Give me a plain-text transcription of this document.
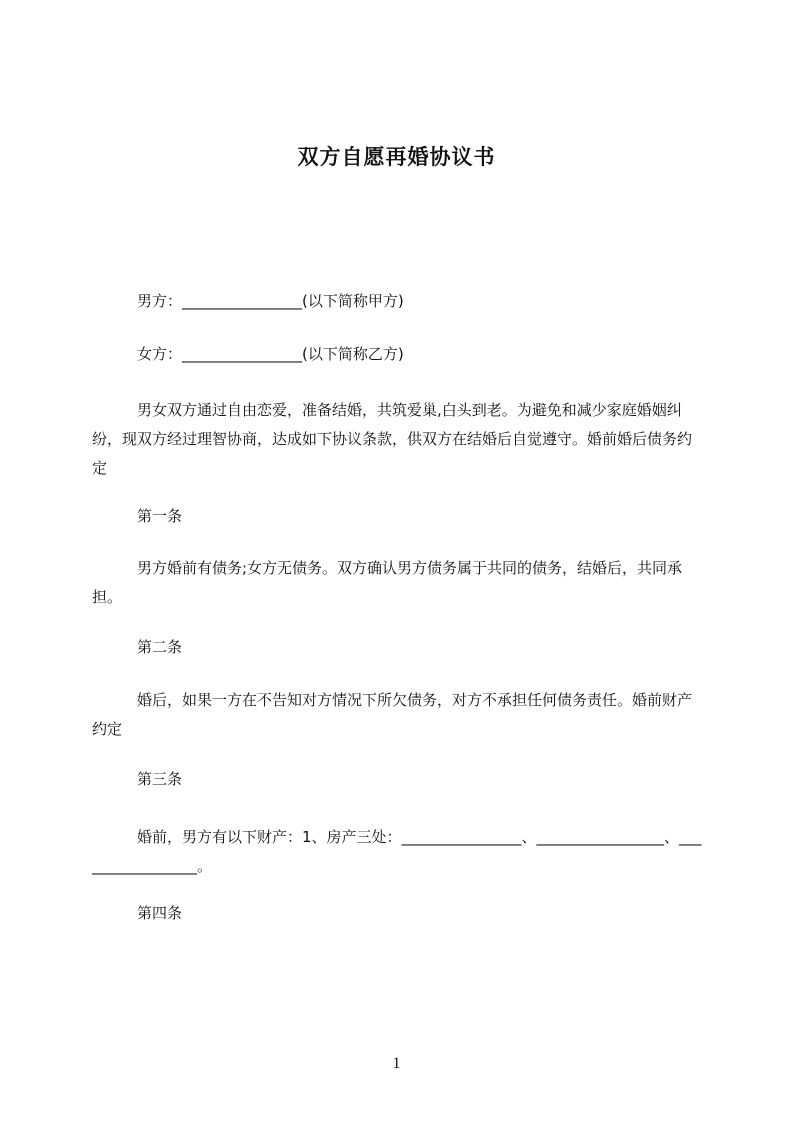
双方自愿再婚协议书
男方：________________(以下简称甲方)
女方：________________(以下简称乙方)
男女双方通过自由恋爱，准备结婚，共筑爱巢,白头到老。为避免和减少家庭婚姻纠纷，现双方经过理智协商，达成如下协议条款，供双方在结婚后自觉遵守。婚前婚后债务约定
第一条
男方婚前有债务;女方无债务。双方确认男方债务属于共同的债务，结婚后，共同承担。
第二条
婚后，如果一方在不告知对方情况下所欠债务，对方不承担任何债务责任。婚前财产约定
第三条
婚前，男方有以下财产：1、房产三处：________________、_________________、_________________。
第四条
1
